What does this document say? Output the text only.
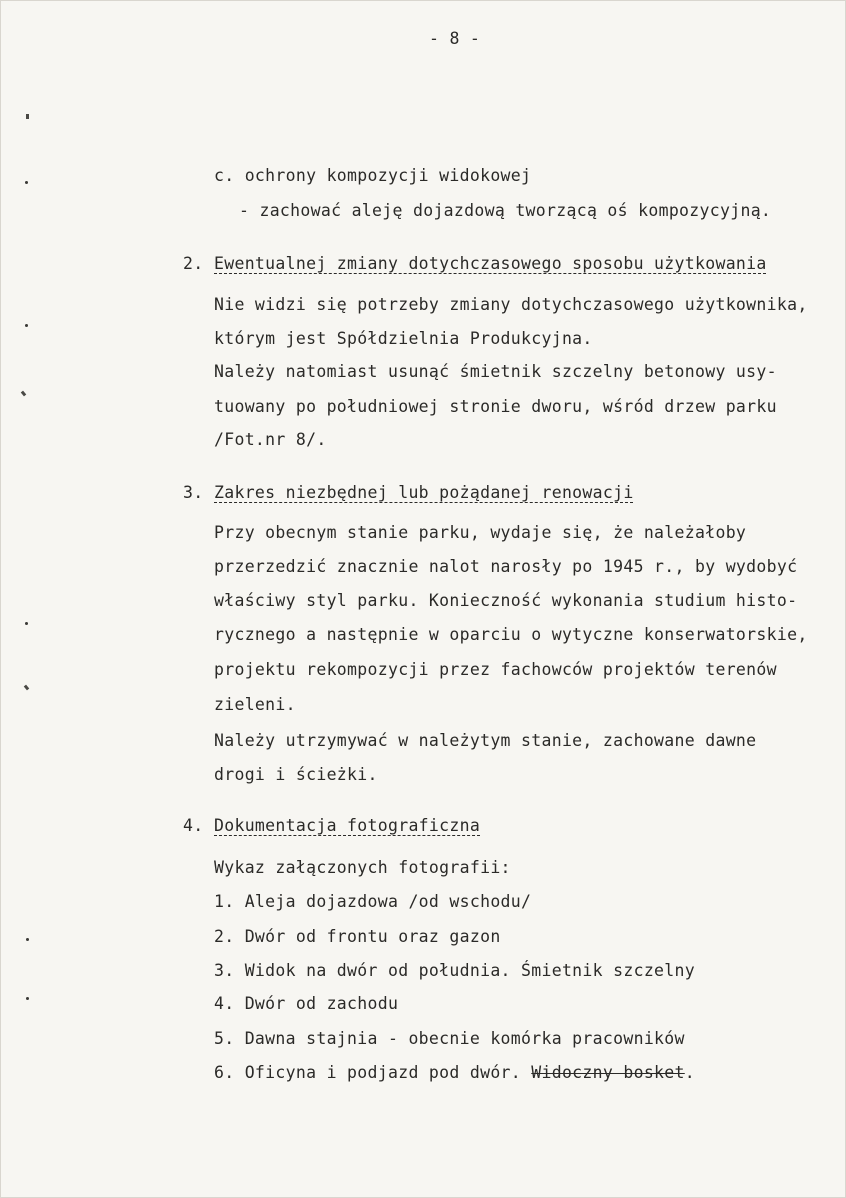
- 8 -
c. ochrony kompozycji widokowej
- zachować aleję dojazdową tworzącą oś kompozycyjną.
2. Ewentualnej zmiany dotychczasowego sposobu użytkowania
Nie widzi się potrzeby zmiany dotychczasowego użytkownika,
którym jest Spółdzielnia Produkcyjna.
Należy natomiast usunąć śmietnik szczelny betonowy usy-
tuowany po południowej stronie dworu, wśród drzew parku
/Fot.nr 8/.
3. Zakres niezbędnej lub pożądanej renowacji
Przy obecnym stanie parku, wydaje się, że należałoby
przerzedzić znacznie nalot narosły po 1945 r., by wydobyć
właściwy styl parku. Konieczność wykonania studium histo-
rycznego a następnie w oparciu o wytyczne konserwatorskie,
projektu rekompozycji przez fachowców projektów terenów
zieleni.
Należy utrzymywać w należytym stanie, zachowane dawne
drogi i ścieżki.
4. Dokumentacja fotograficzna
Wykaz załączonych fotografii:
1. Aleja dojazdowa /od wschodu/
2. Dwór od frontu oraz gazon
3. Widok na dwór od południa. Śmietnik szczelny
4. Dwór od zachodu
5. Dawna stajnia - obecnie komórka pracowników
6. Oficyna i podjazd pod dwór. Widoczny bosket.
